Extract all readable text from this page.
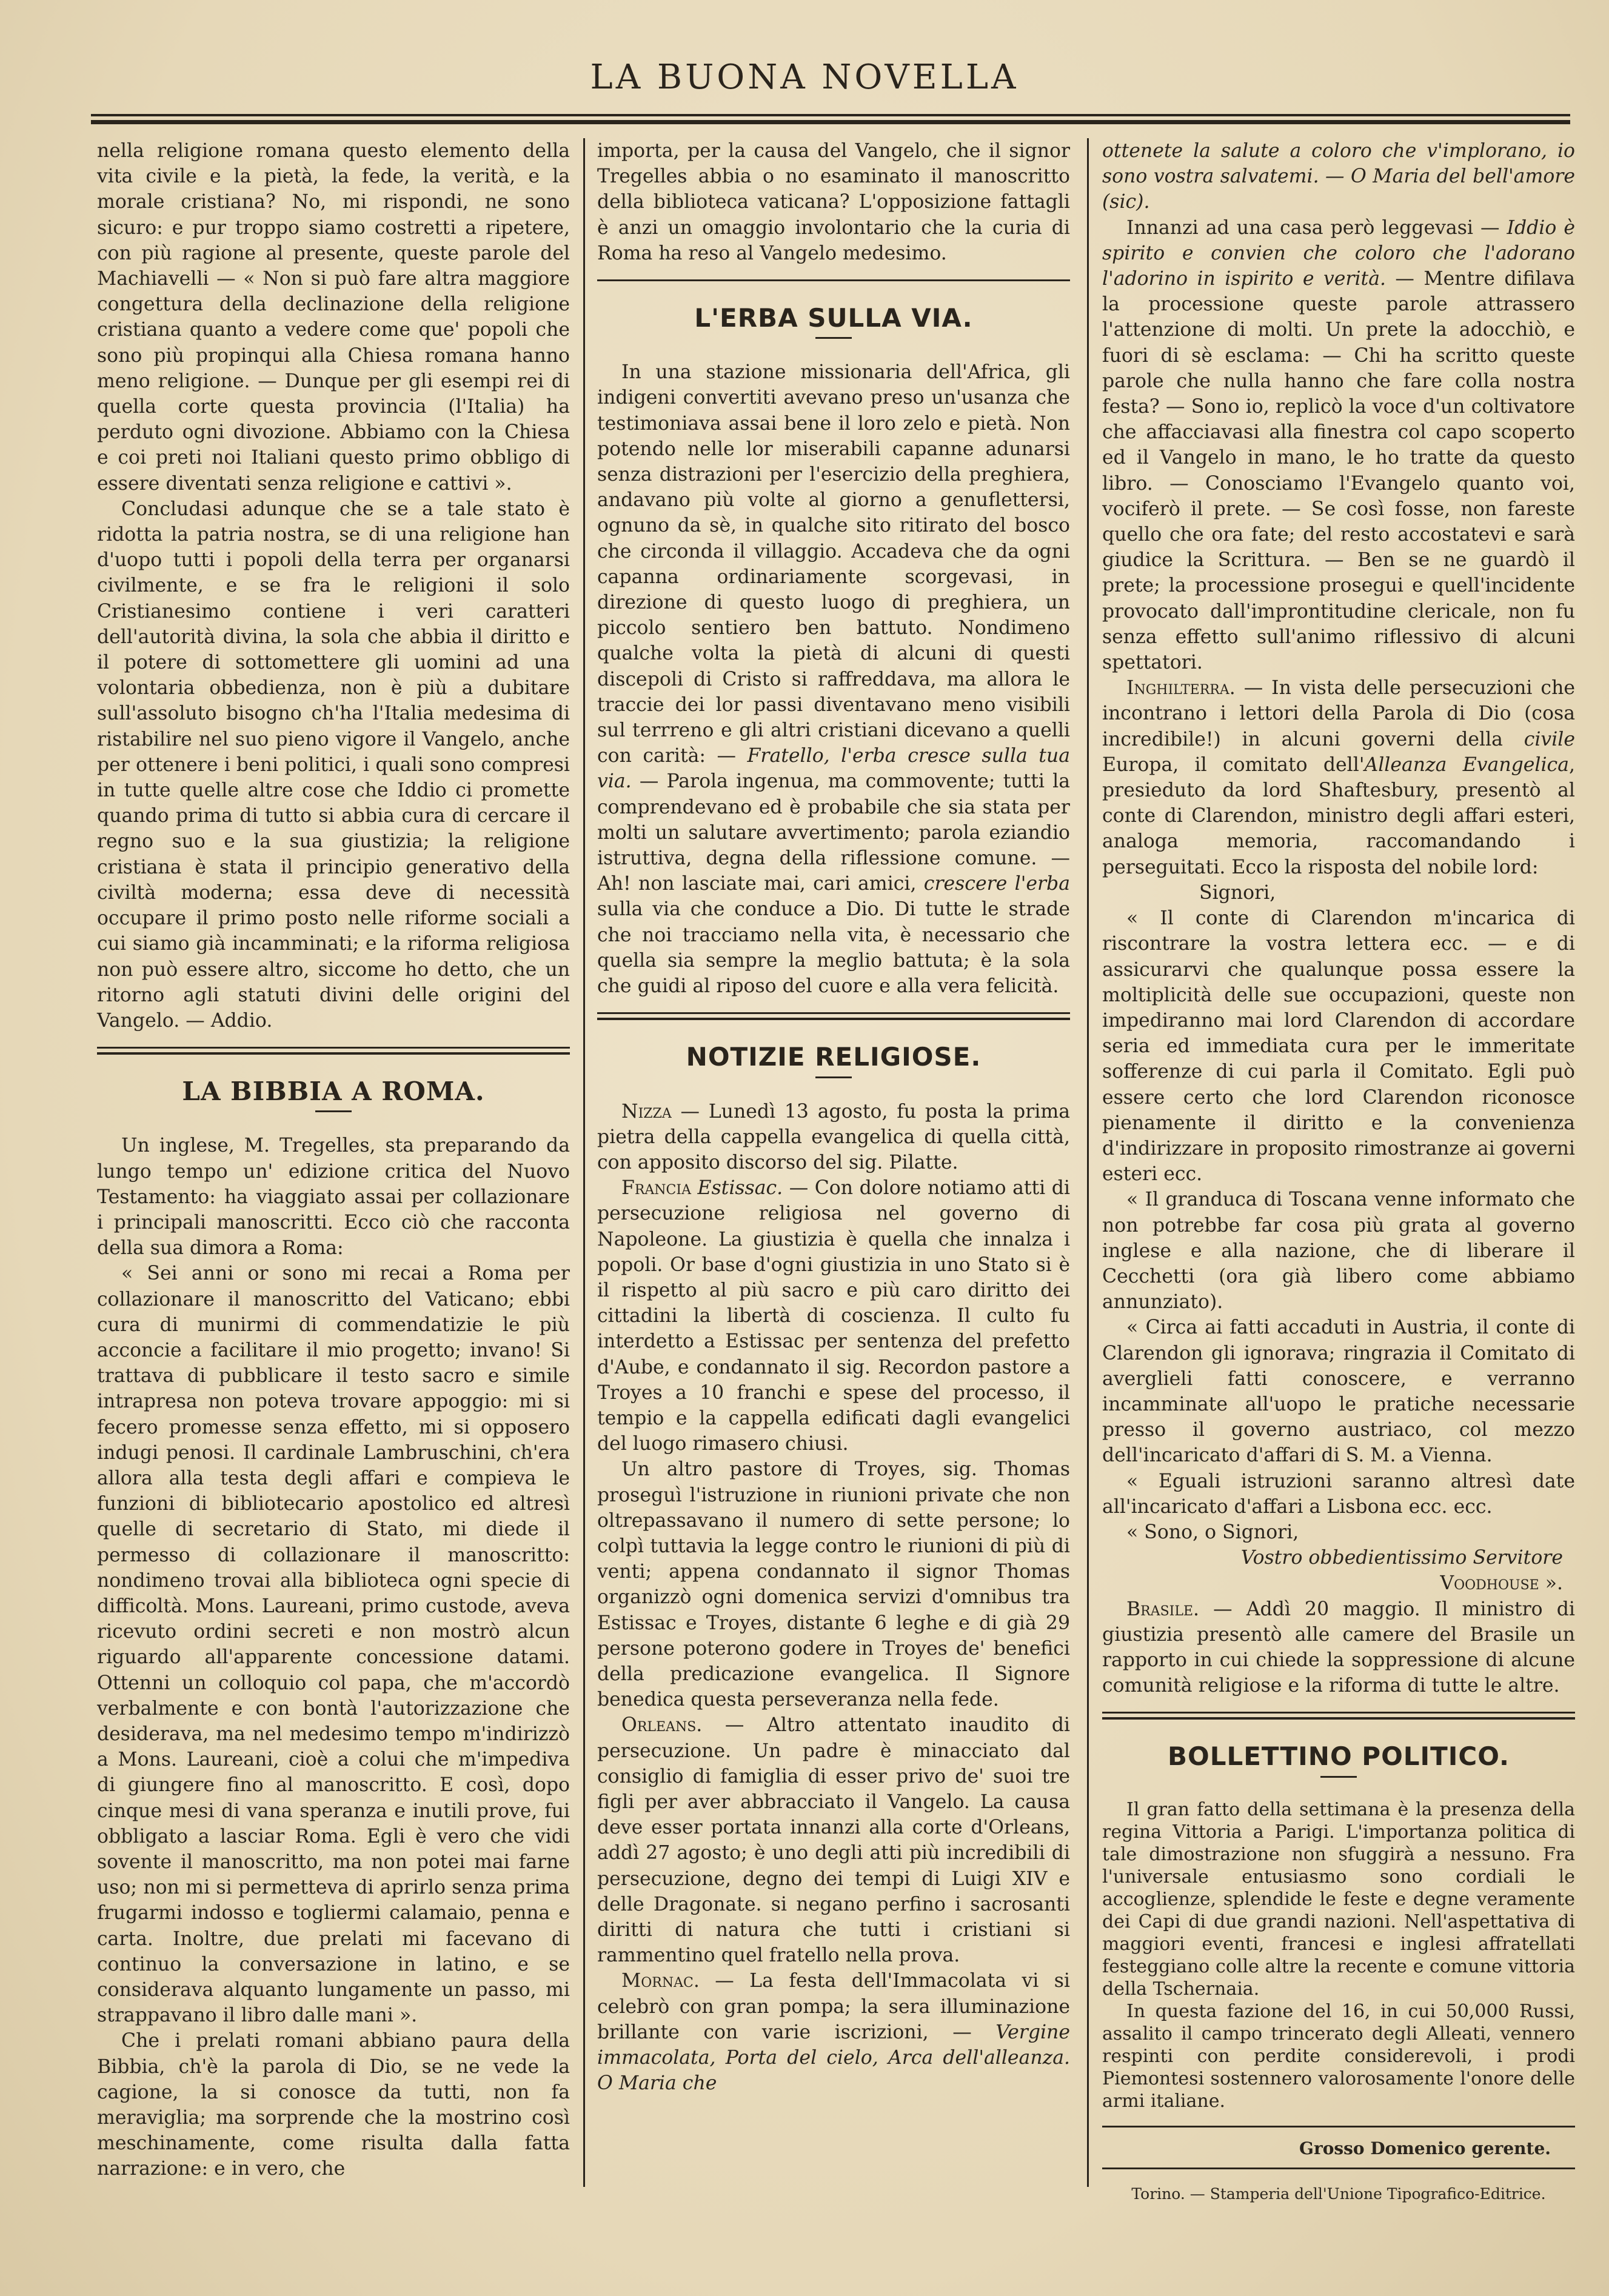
LA BUONA NOVELLA

nella religione romana questo elemento della vita civile e la pietà, la fede, la verità, e la morale cristiana? No, mi rispondi, ne sono sicuro: e pur troppo siamo costretti a ripetere, con più ragione al presente, queste parole del Machiavelli — « Non si può fare altra maggiore congettura della declinazione della religione cristiana quanto a vedere come que' popoli che sono più propinqui alla Chiesa romana hanno meno religione. — Dunque per gli esempi rei di quella corte questa provincia (l'Italia) ha perduto ogni divozione. Abbiamo con la Chiesa e coi preti noi Italiani questo primo obbligo di essere diventati senza religione e cattivi ».

Concludasi adunque che se a tale stato è ridotta la patria nostra, se di una religione han d'uopo tutti i popoli della terra per organarsi civilmente, e se fra le religioni il solo Cristianesimo contiene i veri caratteri dell'autorità divina, la sola che abbia il diritto e il potere di sottomettere gli uomini ad una volontaria obbedienza, non è più a dubitare sull'assoluto bisogno ch'ha l'Italia medesima di ristabilire nel suo pieno vigore il Vangelo, anche per ottenere i beni politici, i quali sono compresi in tutte quelle altre cose che Iddio ci promette quando prima di tutto si abbia cura di cercare il regno suo e la sua giustizia; la religione cristiana è stata il principio generativo della civiltà moderna; essa deve di necessità occupare il primo posto nelle riforme sociali a cui siamo già incamminati; e la riforma religiosa non può essere altro, siccome ho detto, che un ritorno agli statuti divini delle origini del Vangelo. — Addio.

LA BIBBIA A ROMA.

Un inglese, M. Tregelles, sta preparando da lungo tempo un' edizione critica del Nuovo Testamento: ha viaggiato assai per collazionare i principali manoscritti. Ecco ciò che racconta della sua dimora a Roma:

« Sei anni or sono mi recai a Roma per collazionare il manoscritto del Vaticano; ebbi cura di munirmi di commendatizie le più acconcie a facilitare il mio progetto; invano! Si trattava di pubblicare il testo sacro e simile intrapresa non poteva trovare appoggio: mi si fecero promesse senza effetto, mi si opposero indugi penosi. Il cardinale Lambruschini, ch'era allora alla testa degli affari e compieva le funzioni di bibliotecario apostolico ed altresì quelle di secretario di Stato, mi diede il permesso di collazionare il manoscritto: nondimeno trovai alla biblioteca ogni specie di difficoltà. Mons. Laureani, primo custode, aveva ricevuto ordini secreti e non mostrò alcun riguardo all'apparente concessione datami. Ottenni un colloquio col papa, che m'accordò verbalmente e con bontà l'autorizzazione che desiderava, ma nel medesimo tempo m'indirizzò a Mons. Laureani, cioè a colui che m'impediva di giungere fino al manoscritto. E così, dopo cinque mesi di vana speranza e inutili prove, fui obbligato a lasciar Roma. Egli è vero che vidi sovente il manoscritto, ma non potei mai farne uso; non mi si permetteva di aprirlo senza prima frugarmi indosso e togliermi calamaio, penna e carta. Inoltre, due prelati mi facevano di continuo la conversazione in latino, e se considerava alquanto lungamente un passo, mi strappavano il libro dalle mani ».

Che i prelati romani abbiano paura della Bibbia, ch'è la parola di Dio, se ne vede la cagione, la si conosce da tutti, non fa meraviglia; ma sorprende che la mostrino così meschinamente, come risulta dalla fatta narrazione: e in vero, che

importa, per la causa del Vangelo, che il signor Tregelles abbia o no esaminato il manoscritto della biblioteca vaticana? L'opposizione fattagli è anzi un omaggio involontario che la curia di Roma ha reso al Vangelo medesimo.

L'ERBA SULLA VIA.

In una stazione missionaria dell'Africa, gli indigeni convertiti avevano preso un'usanza che testimoniava assai bene il loro zelo e pietà. Non potendo nelle lor miserabili capanne adunarsi senza distrazioni per l'esercizio della preghiera, andavano più volte al giorno a genuflettersi, ognuno da sè, in qualche sito ritirato del bosco che circonda il villaggio. Accadeva che da ogni capanna ordinariamente scorgevasi, in direzione di questo luogo di preghiera, un piccolo sentiero ben battuto. Nondimeno qualche volta la pietà di alcuni di questi discepoli di Cristo si raffreddava, ma allora le traccie dei lor passi diventavano meno visibili sul terrreno e gli altri cristiani dicevano a quelli con carità: — Fratello, l'erba cresce sulla tua via. — Parola ingenua, ma commovente; tutti la comprendevano ed è probabile che sia stata per molti un salutare avvertimento; parola eziandio istruttiva, degna della riflessione comune. — Ah! non lasciate mai, cari amici, crescere l'erba sulla via che conduce a Dio. Di tutte le strade che noi tracciamo nella vita, è necessario che quella sia sempre la meglio battuta; è la sola che guidi al riposo del cuore e alla vera felicità.

NOTIZIE RELIGIOSE.

Nizza — Lunedì 13 agosto, fu posta la prima pietra della cappella evangelica di quella città, con apposito discorso del sig. Pilatte.

Francia Estissac. — Con dolore notiamo atti di persecuzione religiosa nel governo di Napoleone. La giustizia è quella che innalza i popoli. Or base d'ogni giustizia in uno Stato si è il rispetto al più sacro e più caro diritto dei cittadini la libertà di coscienza. Il culto fu interdetto a Estissac per sentenza del prefetto d'Aube, e condannato il sig. Recordon pastore a Troyes a 10 franchi e spese del processo, il tempio e la cappella edificati dagli evangelici del luogo rimasero chiusi.

Un altro pastore di Troyes, sig. Thomas proseguì l'istruzione in riunioni private che non oltrepassavano il numero di sette persone; lo colpì tuttavia la legge contro le riunioni di più di venti; appena condannato il signor Thomas organizzò ogni domenica servizi d'omnibus tra Estissac e Troyes, distante 6 leghe e di già 29 persone poterono godere in Troyes de' benefici della predicazione evangelica. Il Signore benedica questa perseveranza nella fede.

Orleans. — Altro attentato inaudito di persecuzione. Un padre è minacciato dal consiglio di famiglia di esser privo de' suoi tre figli per aver abbracciato il Vangelo. La causa deve esser portata innanzi alla corte d'Orleans, addì 27 agosto; è uno degli atti più incredibili di persecuzione, degno dei tempi di Luigi XIV e delle Dragonate. si negano perfino i sacrosanti diritti di natura che tutti i cristiani si rammentino quel fratello nella prova.

Mornac. — La festa dell'Immacolata vi si celebrò con gran pompa; la sera illuminazione brillante con varie iscrizioni, — Vergine immacolata, Porta del cielo, Arca dell'alleanza. O Maria che

ottenete la salute a coloro che v'implorano, io sono vostra salvatemi. — O Maria del bell'amore (sic).

Innanzi ad una casa però leggevasi — Iddio è spirito e convien che coloro che l'adorano l'adorino in ispirito e verità. — Mentre difilava la processione queste parole attrassero l'attenzione di molti. Un prete la adocchiò, e fuori di sè esclama: — Chi ha scritto queste parole che nulla hanno che fare colla nostra festa? — Sono io, replicò la voce d'un coltivatore che affacciavasi alla finestra col capo scoperto ed il Vangelo in mano, le ho tratte da questo libro. — Conosciamo l'Evangelo quanto voi, vociferò il prete. — Se così fosse, non fareste quello che ora fate; del resto accostatevi e sarà giudice la Scrittura. — Ben se ne guardò il prete; la processione prosegui e quell'incidente provocato dall'improntitudine clericale, non fu senza effetto sull'animo riflessivo di alcuni spettatori.

Inghilterra. — In vista delle persecuzioni che incontrano i lettori della Parola di Dio (cosa incredibile!) in alcuni governi della civile Europa, il comitato dell'Alleanza Evangelica, presieduto da lord Shaftesbury, presentò al conte di Clarendon, ministro degli affari esteri, analoga memoria, raccomandando i perseguitati. Ecco la risposta del nobile lord:

Signori,

« Il conte di Clarendon m'incarica di riscontrare la vostra lettera ecc. — e di assicurarvi che qualunque possa essere la moltiplicità delle sue occupazioni, queste non impediranno mai lord Clarendon di accordare seria ed immediata cura per le immeritate sofferenze di cui parla il Comitato. Egli può essere certo che lord Clarendon riconosce pienamente il diritto e la convenienza d'indirizzare in proposito rimostranze ai governi esteri ecc.

« Il granduca di Toscana venne informato che non potrebbe far cosa più grata al governo inglese e alla nazione, che di liberare il Cecchetti (ora già libero come abbiamo annunziato).

« Circa ai fatti accaduti in Austria, il conte di Clarendon gli ignorava; ringrazia il Comitato di averglieli fatti conoscere, e verranno incamminate all'uopo le pratiche necessarie presso il governo austriaco, col mezzo dell'incaricato d'affari di S. M. a Vienna.

« Eguali istruzioni saranno altresì date all'incaricato d'affari a Lisbona ecc. ecc.

« Sono, o Signori,

Vostro obbedientissimo Servitore

Voodhouse ».

Brasile. — Addì 20 maggio. Il ministro di giustizia presentò alle camere del Brasile un rapporto in cui chiede la soppressione di alcune comunità religiose e la riforma di tutte le altre.

BOLLETTINO POLITICO.

Il gran fatto della settimana è la presenza della regina Vittoria a Parigi. L'importanza politica di tale dimostrazione non sfuggirà a nessuno. Fra l'universale entusiasmo sono cordiali le accoglienze, splendide le feste e degne veramente dei Capi di due grandi nazioni. Nell'aspettativa di maggiori eventi, francesi e inglesi affratellati festeggiano colle altre la recente e comune vittoria della Tschernaia.

In questa fazione del 16, in cui 50,000 Russi, assalito il campo trincerato degli Alleati, vennero respinti con perdite considerevoli, i prodi Piemontesi sostennero valorosamente l'onore delle armi italiane.

Grosso Domenico gerente.
Torino. — Stamperia dell'Unione Tipografico-Editrice.
